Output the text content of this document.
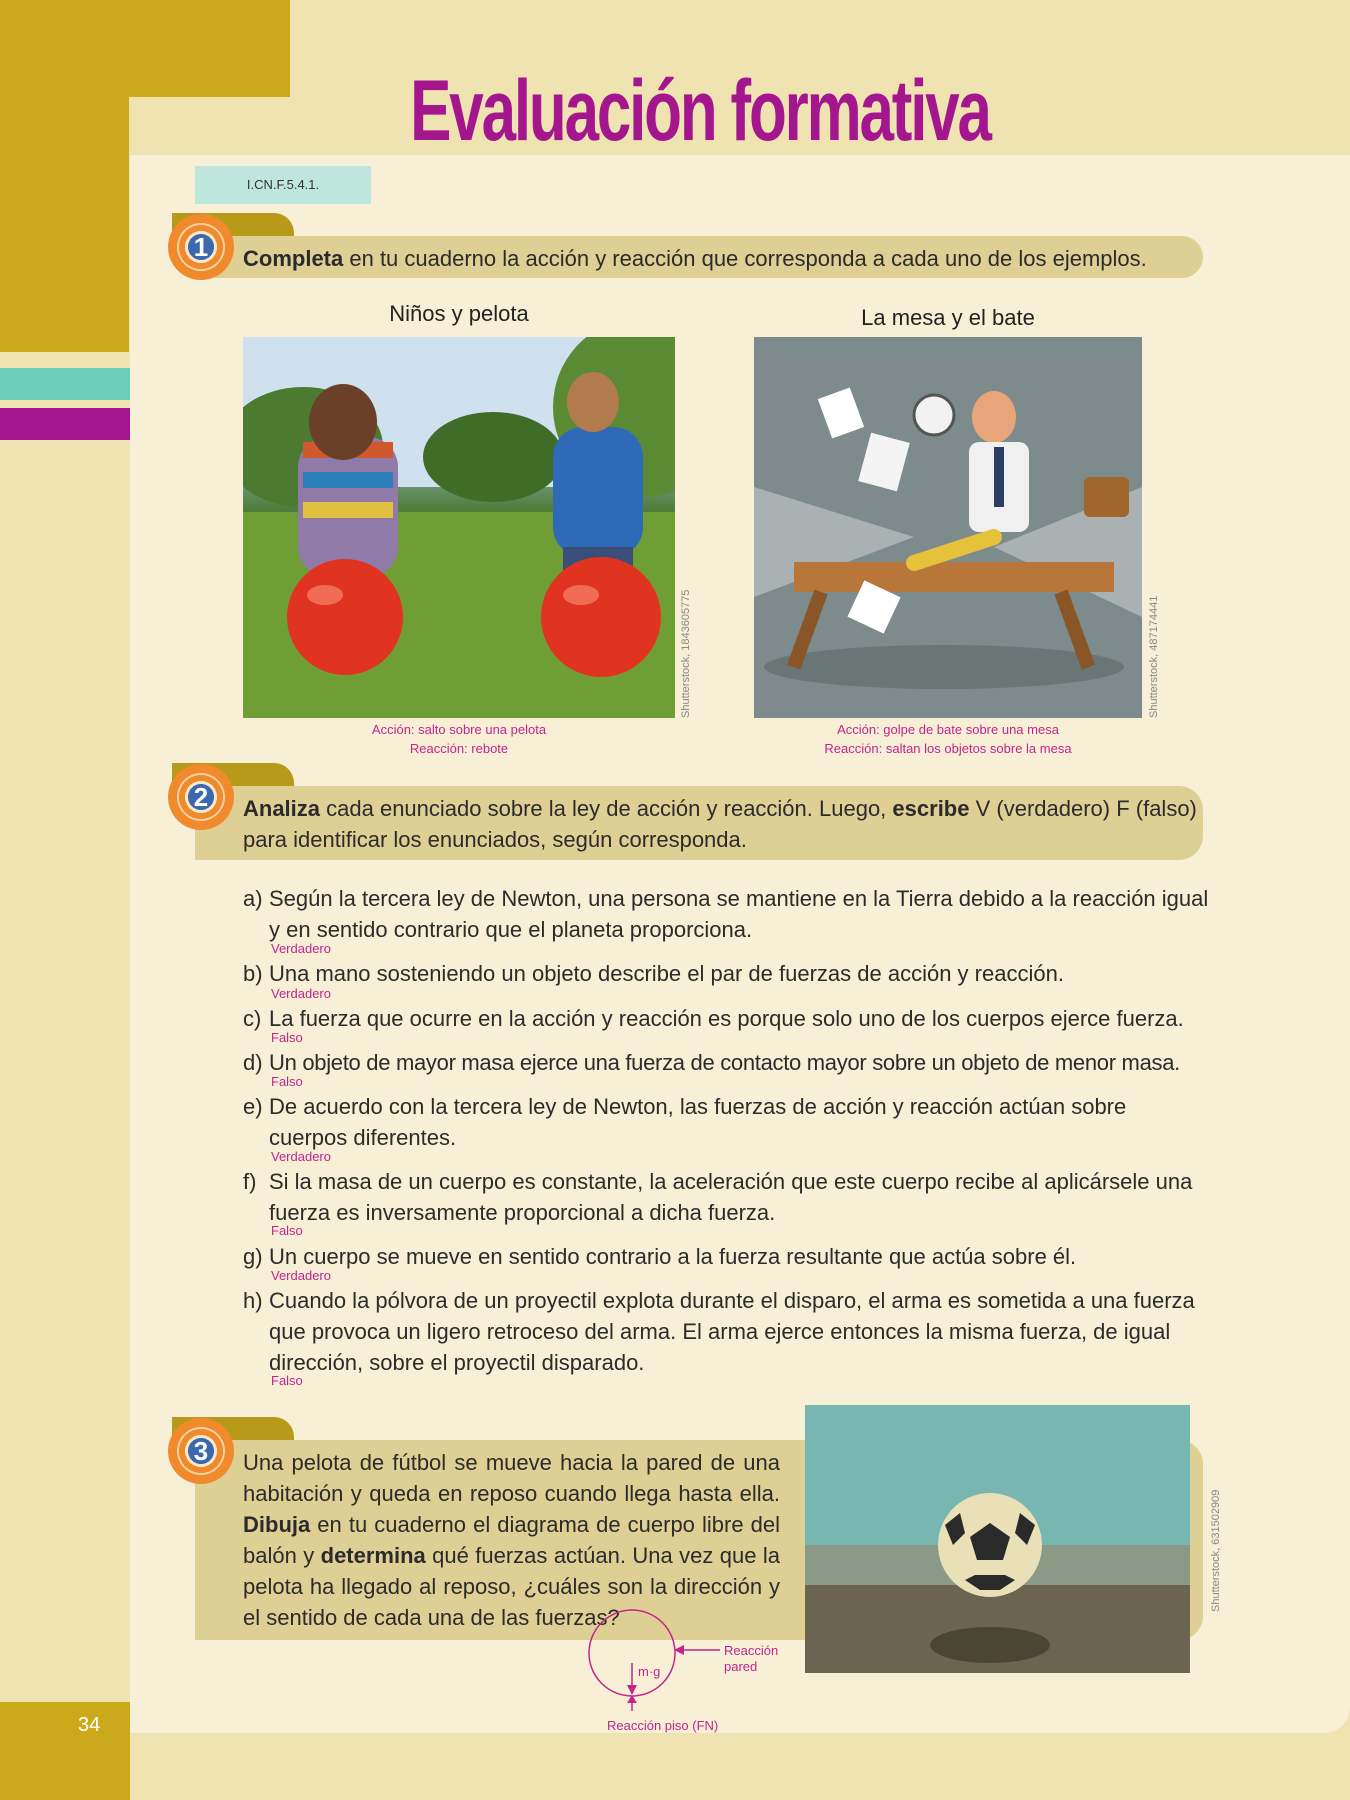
Evaluación formativa
I.CN.F.5.4.1.
1	Completa en tu cuaderno la acción y reacción que corresponda a cada uno de los ejemplos.
Niños y pelota	La mesa y el bate
Shutterstock, 1843605775	Shutterstock, 487174441
Acción: salto sobre una pelota
Reacción: rebote
Acción: golpe de bate sobre una mesa
Reacción: saltan los objetos sobre la mesa
2	Analiza cada enunciado sobre la ley de acción y reacción. Luego, escribe V (verdadero) F (falso) para identificar los enunciados, según corresponda.
a) Según la tercera ley de Newton, una persona se mantiene en la Tierra debido a la reacción igual y en sentido contrario que el planeta proporciona.
Verdadero
b) Una mano sosteniendo un objeto describe el par de fuerzas de acción y reacción.
Verdadero
c) La fuerza que ocurre en la acción y reacción es porque solo uno de los cuerpos ejerce fuerza.
Falso
d) Un objeto de mayor masa ejerce una fuerza de contacto mayor sobre un objeto de menor masa.
Falso
e) De acuerdo con la tercera ley de Newton, las fuerzas de acción y reacción actúan sobre cuerpos diferentes.
Verdadero
f) Si la masa de un cuerpo es constante, la aceleración que este cuerpo recibe al aplicársele una fuerza es inversamente proporcional a dicha fuerza.
Falso
g) Un cuerpo se mueve en sentido contrario a la fuerza resultante que actúa sobre él.
Verdadero
h) Cuando la pólvora de un proyectil explota durante el disparo, el arma es sometida a una fuerza que provoca un ligero retroceso del arma. El arma ejerce entonces la misma fuerza, de igual dirección, sobre el proyectil disparado.
Falso
3	Una pelota de fútbol se mueve hacia la pared de una habitación y queda en reposo cuando llega hasta ella. Dibuja en tu cuaderno el diagrama de cuerpo libre del balón y determina qué fuerzas actúan. Una vez que la pelota ha llegado al reposo, ¿cuáles son la dirección y el sentido de cada una de las fuerzas?
Shutterstock, 631502909
m·g
Reacción
pared
Reacción piso (FN)
34
